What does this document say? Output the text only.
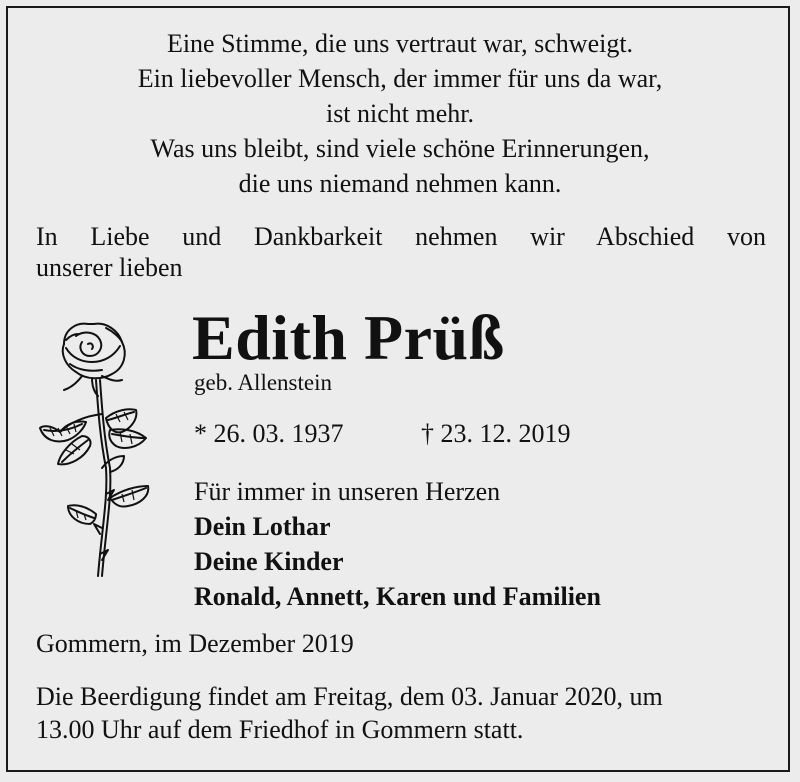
Eine Stimme, die uns vertraut war, schweigt.
Ein liebevoller Mensch, der immer für uns da war,
ist nicht mehr.
Was uns bleibt, sind viele schöne Erinnerungen,
die uns niemand nehmen kann.
In Liebe und Dankbarkeit nehmen wir Abschied von
unserer lieben
Edith Prüß
geb. Allenstein
* 26. 03. 1937	† 23. 12. 2019
Für immer in unseren Herzen
Dein Lothar
Deine Kinder
Ronald, Annett, Karen und Familien
Gommern, im Dezember 2019
Die Beerdigung findet am Freitag, dem 03. Januar 2020, um
13.00 Uhr auf dem Friedhof in Gommern statt.
